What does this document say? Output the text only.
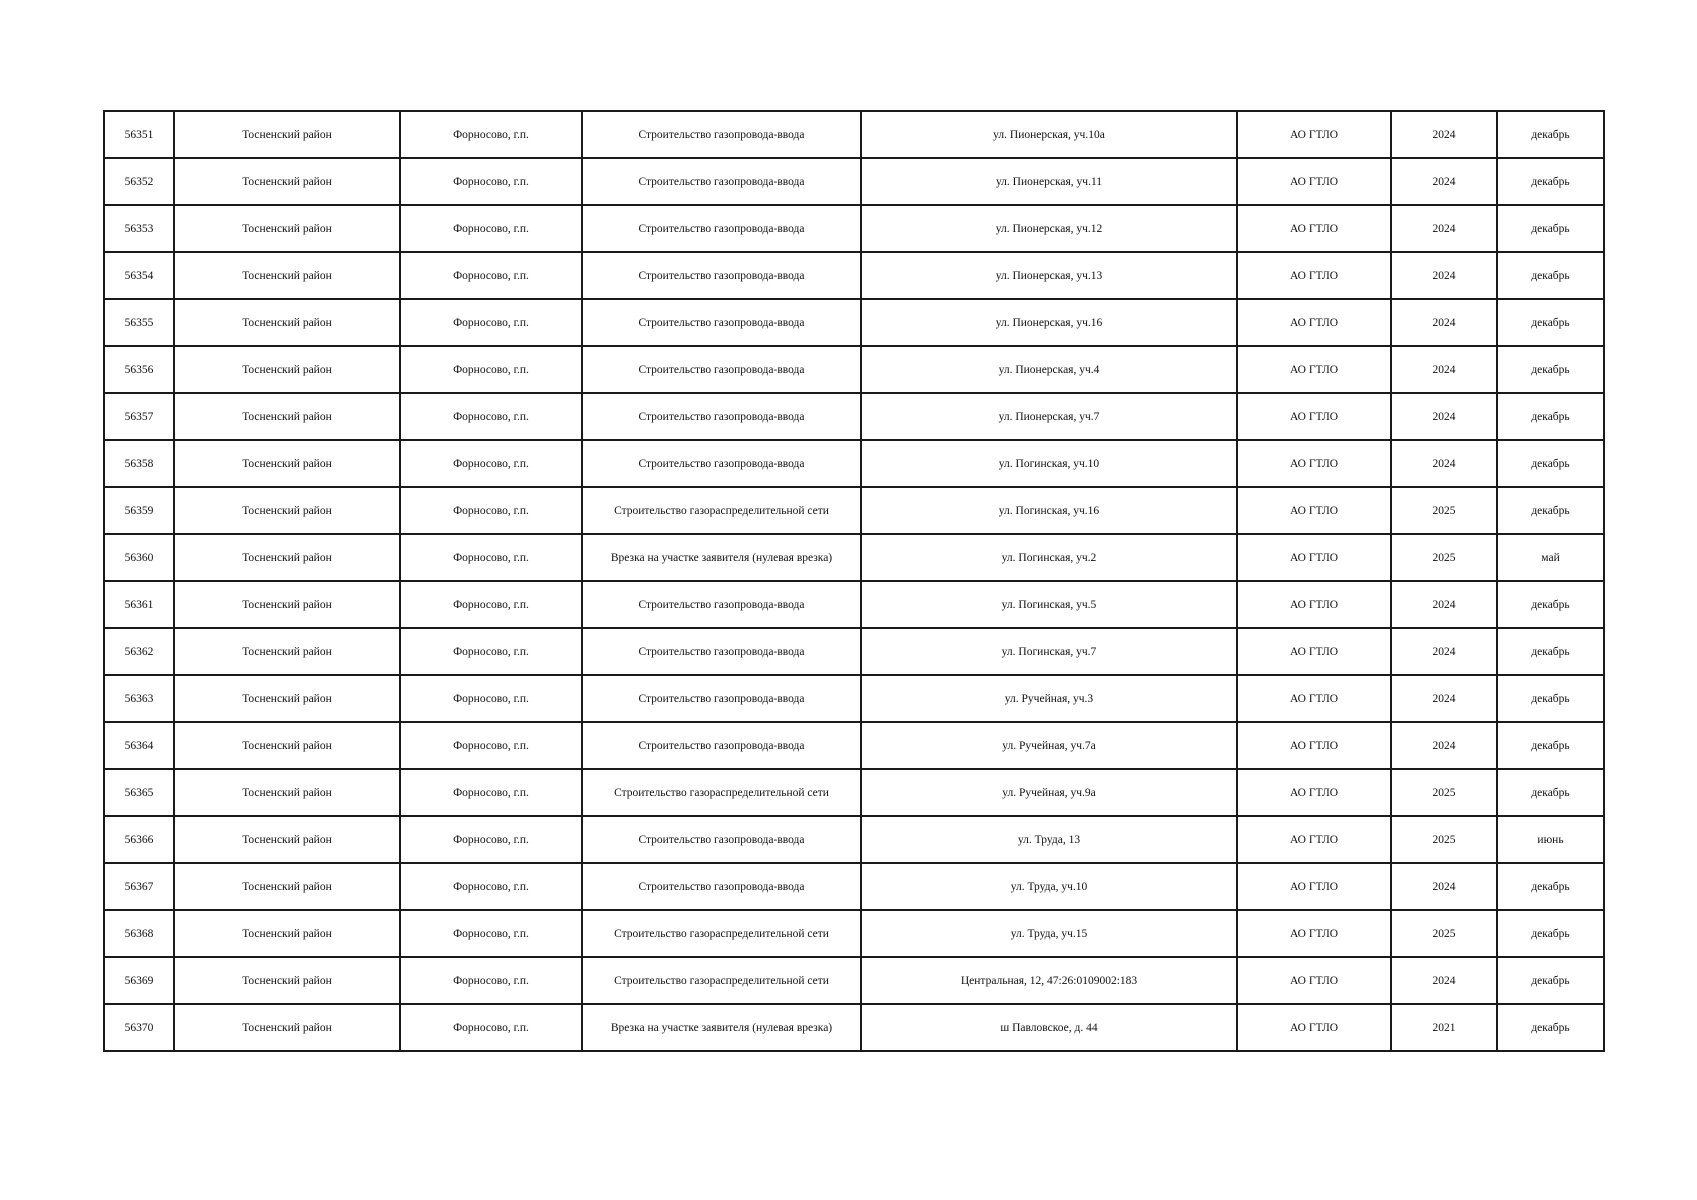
56351	Тосненский район	Форносово, г.п.	Строительство газопровода-ввода	ул. Пионерская, уч.10а	АО ГТЛО	2024	декабрь
56352	Тосненский район	Форносово, г.п.	Строительство газопровода-ввода	ул. Пионерская, уч.11	АО ГТЛО	2024	декабрь
56353	Тосненский район	Форносово, г.п.	Строительство газопровода-ввода	ул. Пионерская, уч.12	АО ГТЛО	2024	декабрь
56354	Тосненский район	Форносово, г.п.	Строительство газопровода-ввода	ул. Пионерская, уч.13	АО ГТЛО	2024	декабрь
56355	Тосненский район	Форносово, г.п.	Строительство газопровода-ввода	ул. Пионерская, уч.16	АО ГТЛО	2024	декабрь
56356	Тосненский район	Форносово, г.п.	Строительство газопровода-ввода	ул. Пионерская, уч.4	АО ГТЛО	2024	декабрь
56357	Тосненский район	Форносово, г.п.	Строительство газопровода-ввода	ул. Пионерская, уч.7	АО ГТЛО	2024	декабрь
56358	Тосненский район	Форносово, г.п.	Строительство газопровода-ввода	ул. Погинская, уч.10	АО ГТЛО	2024	декабрь
56359	Тосненский район	Форносово, г.п.	Строительство газораспределительной сети	ул. Погинская, уч.16	АО ГТЛО	2025	декабрь
56360	Тосненский район	Форносово, г.п.	Врезка на участке заявителя (нулевая врезка)	ул. Погинская, уч.2	АО ГТЛО	2025	май
56361	Тосненский район	Форносово, г.п.	Строительство газопровода-ввода	ул. Погинская, уч.5	АО ГТЛО	2024	декабрь
56362	Тосненский район	Форносово, г.п.	Строительство газопровода-ввода	ул. Погинская, уч.7	АО ГТЛО	2024	декабрь
56363	Тосненский район	Форносово, г.п.	Строительство газопровода-ввода	ул. Ручейная, уч.3	АО ГТЛО	2024	декабрь
56364	Тосненский район	Форносово, г.п.	Строительство газопровода-ввода	ул. Ручейная, уч.7а	АО ГТЛО	2024	декабрь
56365	Тосненский район	Форносово, г.п.	Строительство газораспределительной сети	ул. Ручейная, уч.9а	АО ГТЛО	2025	декабрь
56366	Тосненский район	Форносово, г.п.	Строительство газопровода-ввода	ул. Труда, 13	АО ГТЛО	2025	июнь
56367	Тосненский район	Форносово, г.п.	Строительство газопровода-ввода	ул. Труда, уч.10	АО ГТЛО	2024	декабрь
56368	Тосненский район	Форносово, г.п.	Строительство газораспределительной сети	ул. Труда, уч.15	АО ГТЛО	2025	декабрь
56369	Тосненский район	Форносово, г.п.	Строительство газораспределительной сети	Центральная, 12, 47:26:0109002:183	АО ГТЛО	2024	декабрь
56370	Тосненский район	Форносово, г.п.	Врезка на участке заявителя (нулевая врезка)	ш Павловское, д. 44	АО ГТЛО	2021	декабрь
